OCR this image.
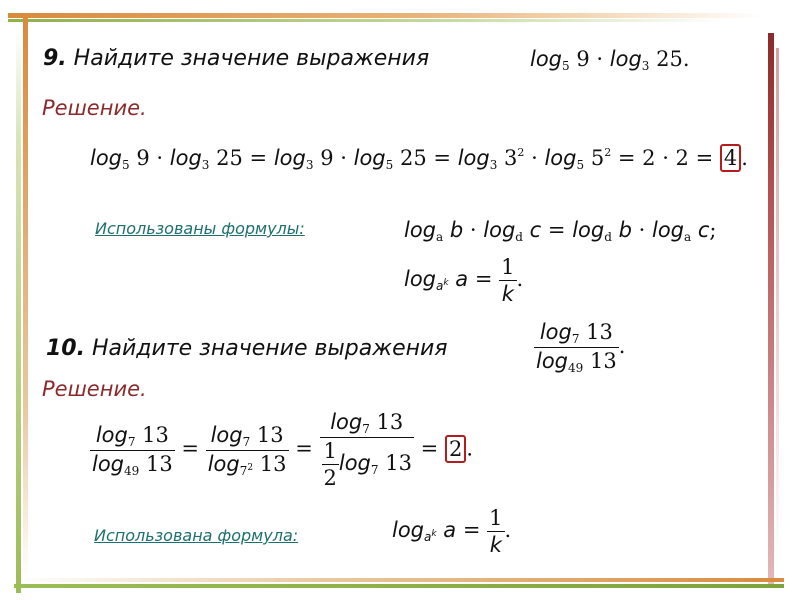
9. Найдите значение выражения	$\log_5 9 \cdot \log_3 25$.
Решение.
$\log_5 9 \cdot \log_3 25 = \log_3 9 \cdot \log_5 25 = \log_3 3^2 \cdot \log_5 5^2 = 2 \cdot 2 = 4$ .
Использованы формулы:	$\log_a b \cdot \log_d c = \log_d b \cdot \log_a c$;
$\log_{a^k} a = \frac{1}{k}$ .
10. Найдите значение выражения	$\frac{\log_7 13}{\log_{49} 13}$ .
Решение.
$\frac{\log_7 13}{\log_{49} 13} = \frac{\log_7 13}{\log_{7^2} 13} = \frac{\log_7 13}{\frac{1}{2} \log_7 13} = 2$ .
Использована формула:	$\log_{a^k} a = \frac{1}{k}$ .
